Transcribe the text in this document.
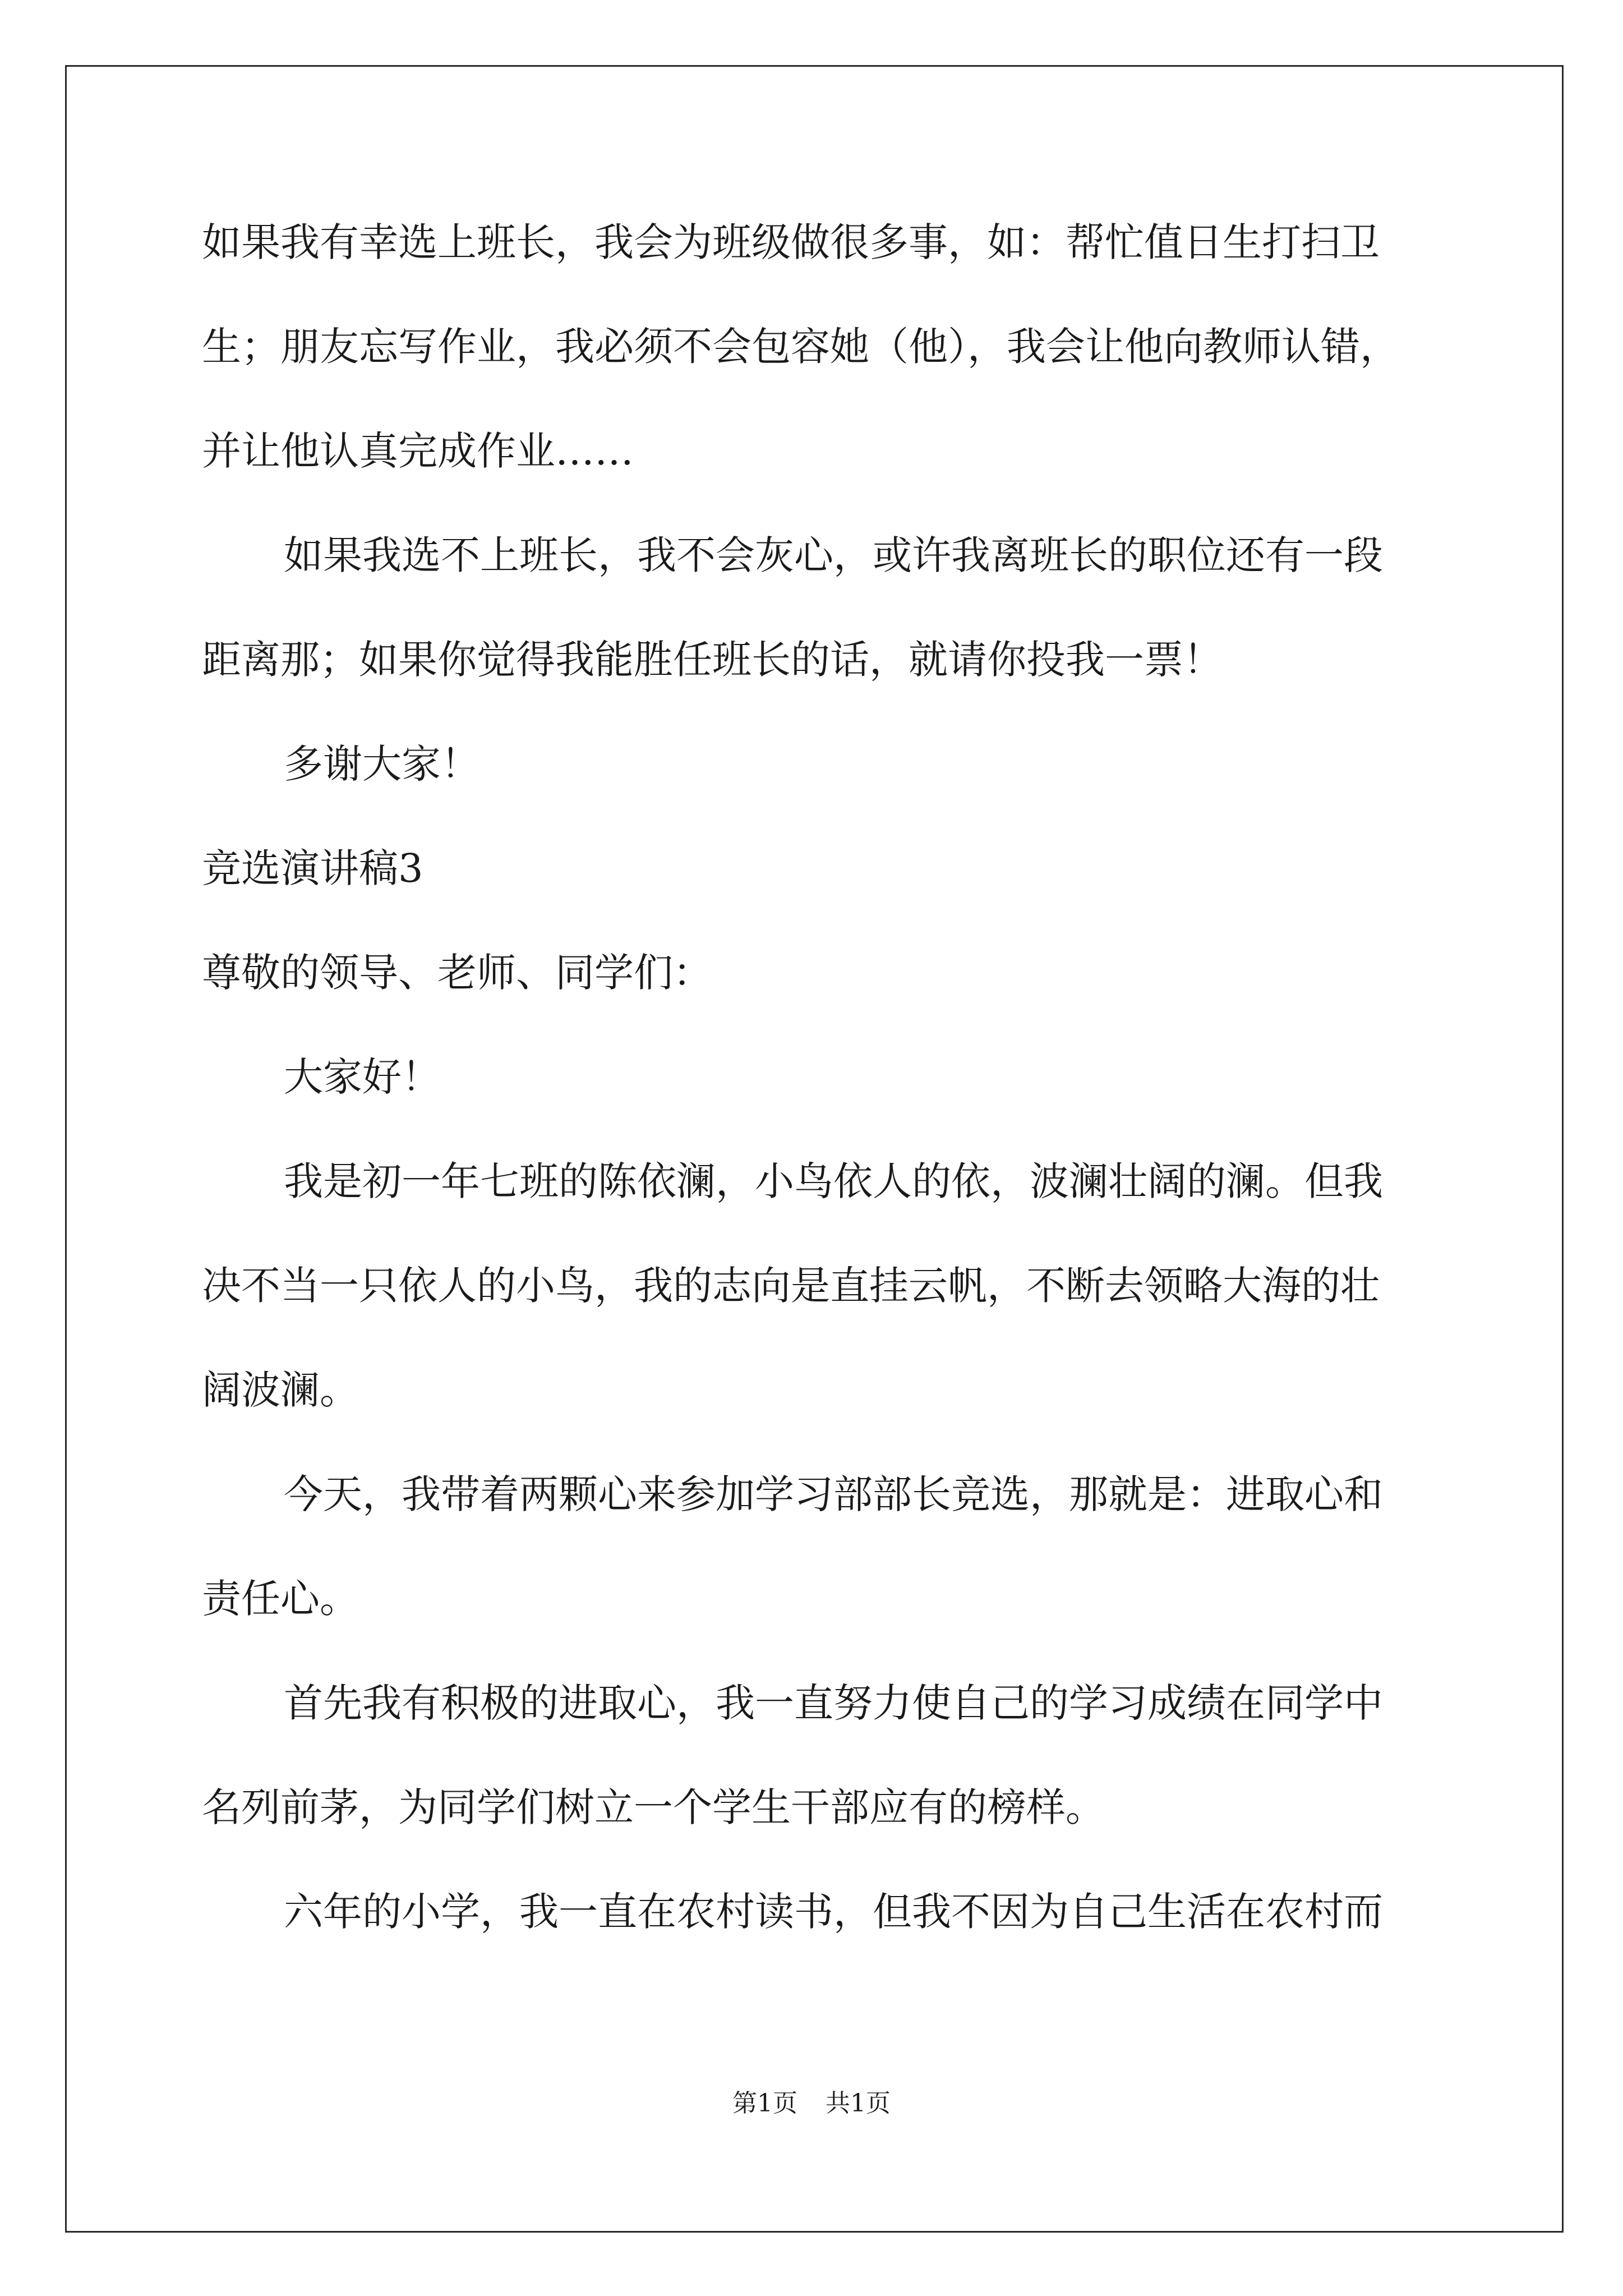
如果我有幸选上班长，我会为班级做很多事，如：帮忙值日生打扫卫
生；朋友忘写作业，我必须不会包容她（他），我会让他向教师认错，
并让他认真完成作业……
如果我选不上班长，我不会灰心，或许我离班长的职位还有一段
距离那；如果你觉得我能胜任班长的话，就请你投我一票！
多谢大家！
竞选演讲稿3
尊敬的领导、老师、同学们：
大家好！
我是初一年七班的陈依澜，小鸟依人的依，波澜壮阔的澜。但我
决不当一只依人的小鸟，我的志向是直挂云帆，不断去领略大海的壮
阔波澜。
今天，我带着两颗心来参加学习部部长竞选，那就是：进取心和
责任心。
首先我有积极的进取心，我一直努力使自己的学习成绩在同学中
名列前茅，为同学们树立一个学生干部应有的榜样。
六年的小学，我一直在农村读书，但我不因为自己生活在农村而
第1页 共1页
